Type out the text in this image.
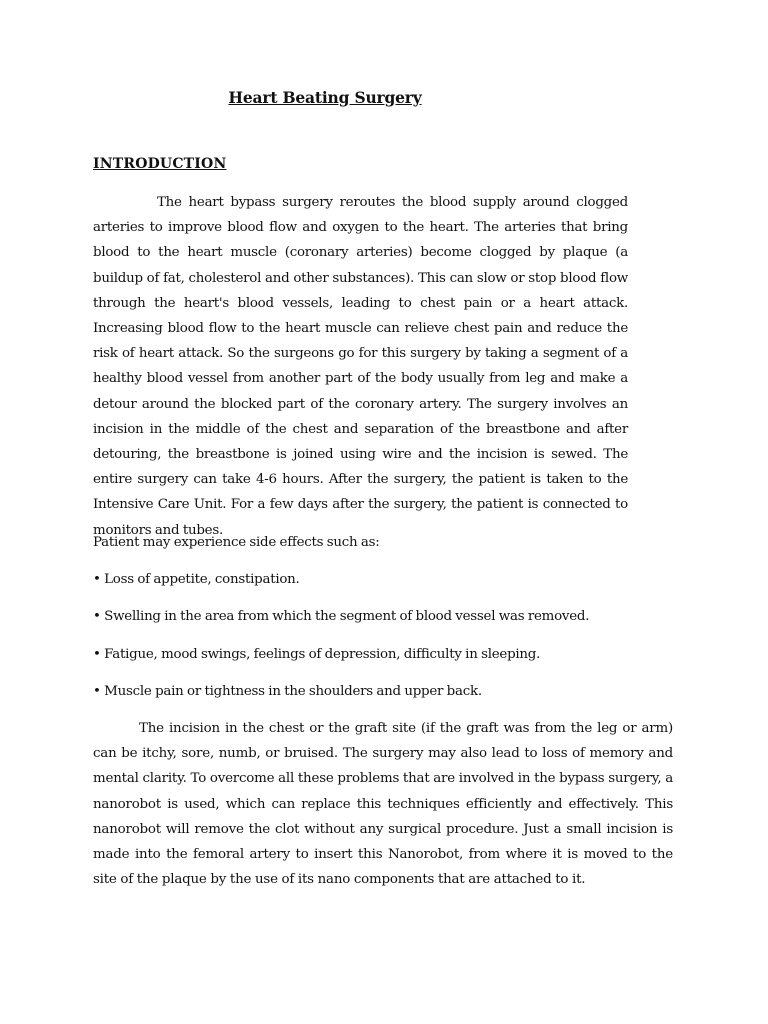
Heart Beating Surgery
INTRODUCTION

The heart bypass surgery reroutes the blood supply around clogged arteries to improve blood flow and oxygen to the heart. The arteries that bring blood to the heart muscle (coronary arteries) become clogged by plaque (a buildup of fat, cholesterol and other substances). This can slow or stop blood flow through the heart's blood vessels, leading to chest pain or a heart attack. Increasing blood flow to the heart muscle can relieve chest pain and reduce the risk of heart attack. So the surgeons go for this surgery by taking a segment of a healthy blood vessel from another part of the body usually from leg and make a detour around the blocked part of the coronary artery. The surgery involves an incision in the middle of the chest and separation of the breastbone and after detouring, the breastbone is joined using wire and the incision is sewed. The entire surgery can take 4-6 hours. After the surgery, the patient is taken to the Intensive Care Unit. For a few days after the surgery, the patient is connected to monitors and tubes.

Patient may experience side effects such as:
• Loss of appetite, constipation.
• Swelling in the area from which the segment of blood vessel was removed.
• Fatigue, mood swings, feelings of depression, difficulty in sleeping.
• Muscle pain or tightness in the shoulders and upper back.

The incision in the chest or the graft site (if the graft was from the leg or arm) can be itchy, sore, numb, or bruised. The surgery may also lead to loss of memory and mental clarity. To overcome all these problems that are involved in the bypass surgery, a nanorobot is used, which can replace this techniques efficiently and effectively. This nanorobot will remove the clot without any surgical procedure. Just a small incision is made into the femoral artery to insert this Nanorobot, from where it is moved to the site of the plaque by the use of its nano components that are attached to it.
